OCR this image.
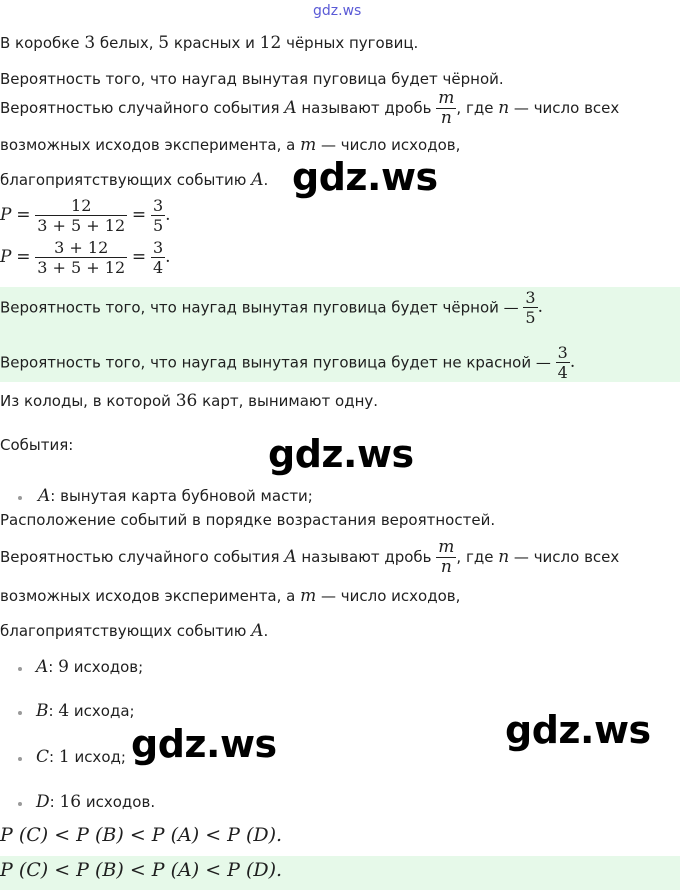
gdz.ws
В коробке 3 белых, 5 красных и 12 чёрных пуговиц.
Вероятность того, что наугад вынутая пуговица будет чёрной.
Вероятностью случайного события A называют дробь $\frac{m}{n}$ , где n — число всех
возможных исходов эксперимента, а m — число исходов,
благоприятствующих событию A.
$P = \frac{12}{3 + 5 + 12} = \frac{3}{5}$ .
$P = \frac{3 + 12}{3 + 5 + 12} = \frac{3}{4}$ .
Вероятность того, что наугад вынутая пуговица будет чёрной — $\frac{3}{5}$ .
Вероятность того, что наугад вынутая пуговица будет не красной — $\frac{3}{4}$ .
Из колоды, в которой 36 карт, вынимают одну.
События:
A: вынутая карта бубновой масти;
Расположение событий в порядке возрастания вероятностей.
Вероятностью случайного события A называют дробь $\frac{m}{n}$ , где n — число всех
возможных исходов эксперимента, а m — число исходов,
благоприятствующих событию A.
A: 9 исходов;
B: 4 исхода;
C: 1 исход;
D: 16 исходов.
P (C) < P (B) < P (A) < P (D).
P (C) < P (B) < P (A) < P (D).
gdz.ws
gdz.ws
gdz.ws
gdz.ws
